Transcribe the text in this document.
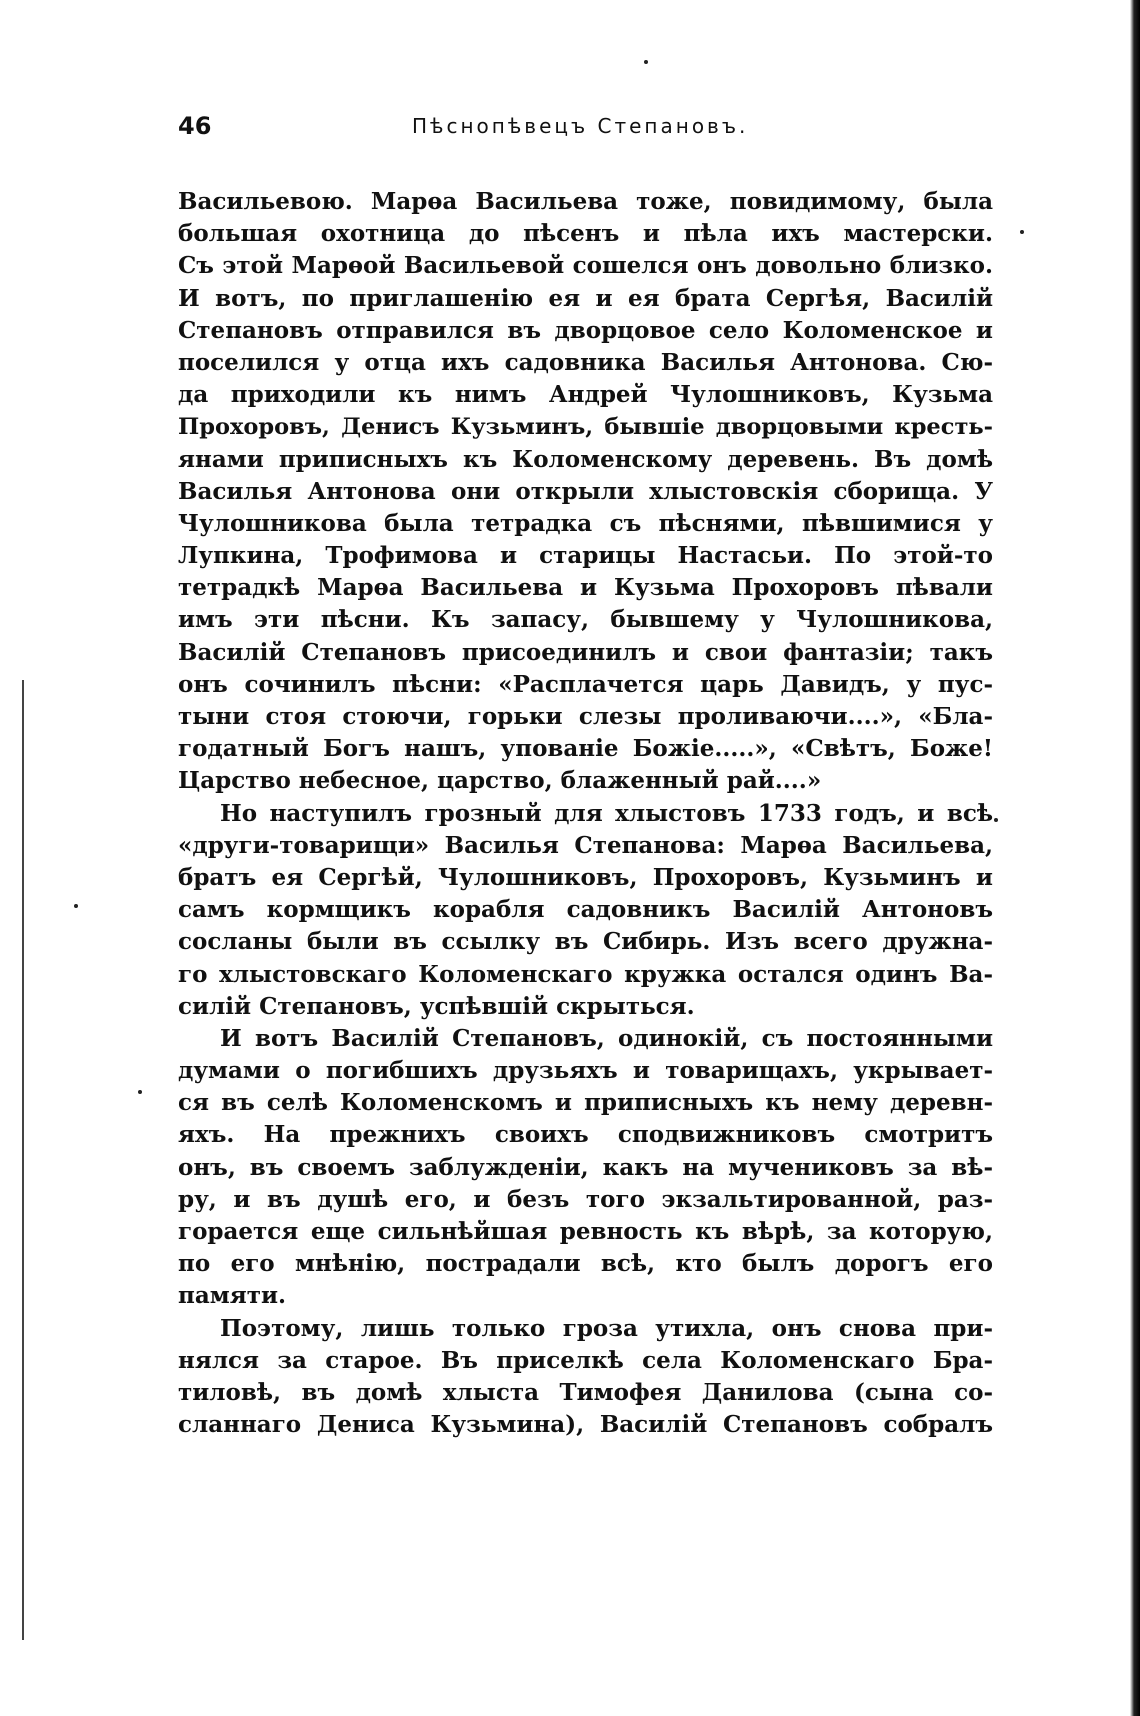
46	Пѣснопѣвецъ Степановъ.

Васильевою. Марѳа Васильева тоже, повидимому, была
большая охотница до пѣсенъ и пѣла ихъ мастерски.
Съ этой Марѳой Васильевой сошелся онъ довольно близко.
И вотъ, по приглашенію ея и ея брата Сергѣя, Василій
Степановъ отправился въ дворцовое село Коломенское и
поселился у отца ихъ садовника Василья Антонова. Сю-
да приходили къ нимъ Андрей Чулошниковъ, Кузьма
Прохоровъ, Денисъ Кузьминъ, бывшіе дворцовыми кресть-
янами приписныхъ къ Коломенскому деревень. Въ домѣ
Василья Антонова они открыли хлыстовскія сборища. У
Чулошникова была тетрадка съ пѣснями, пѣвшимися у
Лупкина, Трофимова и старицы Настасьи. По этой-то
тетрадкѣ Марѳа Васильева и Кузьма Прохоровъ пѣвали
имъ эти пѣсни. Къ запасу, бывшему у Чулошникова,
Василій Степановъ присоединилъ и свои фантазіи; такъ
онъ сочинилъ пѣсни: «Расплачется царь Давидъ, у пус-
тыни стоя стоючи, горьки слезы проливаючи....», «Бла-
годатный Богъ нашъ, упованіе Божіе.....», «Свѣтъ, Боже!
Царство небесное, царство, блаженный рай....»

Но наступилъ грозный для хлыстовъ 1733 годъ, и всѣ
«други-товарищи» Василья Степанова: Марѳа Васильева,
братъ ея Сергѣй, Чулошниковъ, Прохоровъ, Кузьминъ и
самъ кормщикъ корабля садовникъ Василій Антоновъ
сосланы были въ ссылку въ Сибирь. Изъ всего дружна-
го хлыстовскаго Коломенскаго кружка остался одинъ Ва-
силій Степановъ, успѣвшій скрыться.

И вотъ Василій Степановъ, одинокій, съ постоянными
думами о погибшихъ друзьяхъ и товарищахъ, укрывает-
ся въ селѣ Коломенскомъ и приписныхъ къ нему деревн-
яхъ. На прежнихъ своихъ сподвижниковъ смотритъ
онъ, въ своемъ заблужденіи, какъ на мучениковъ за вѣ-
ру, и въ душѣ его, и безъ того экзальтированной, раз-
горается еще сильнѣйшая ревность къ вѣрѣ, за которую,
по его мнѣнію, пострадали всѣ, кто былъ дорогъ его
памяти.

Поэтому, лишь только гроза утихла, онъ снова при-
нялся за старое. Въ приселкѣ села Коломенскаго Бра-
тиловѣ, въ домѣ хлыста Тимофея Данилова (сына со-
сланнаго Дениса Кузьмина), Василій Степановъ собралъ
